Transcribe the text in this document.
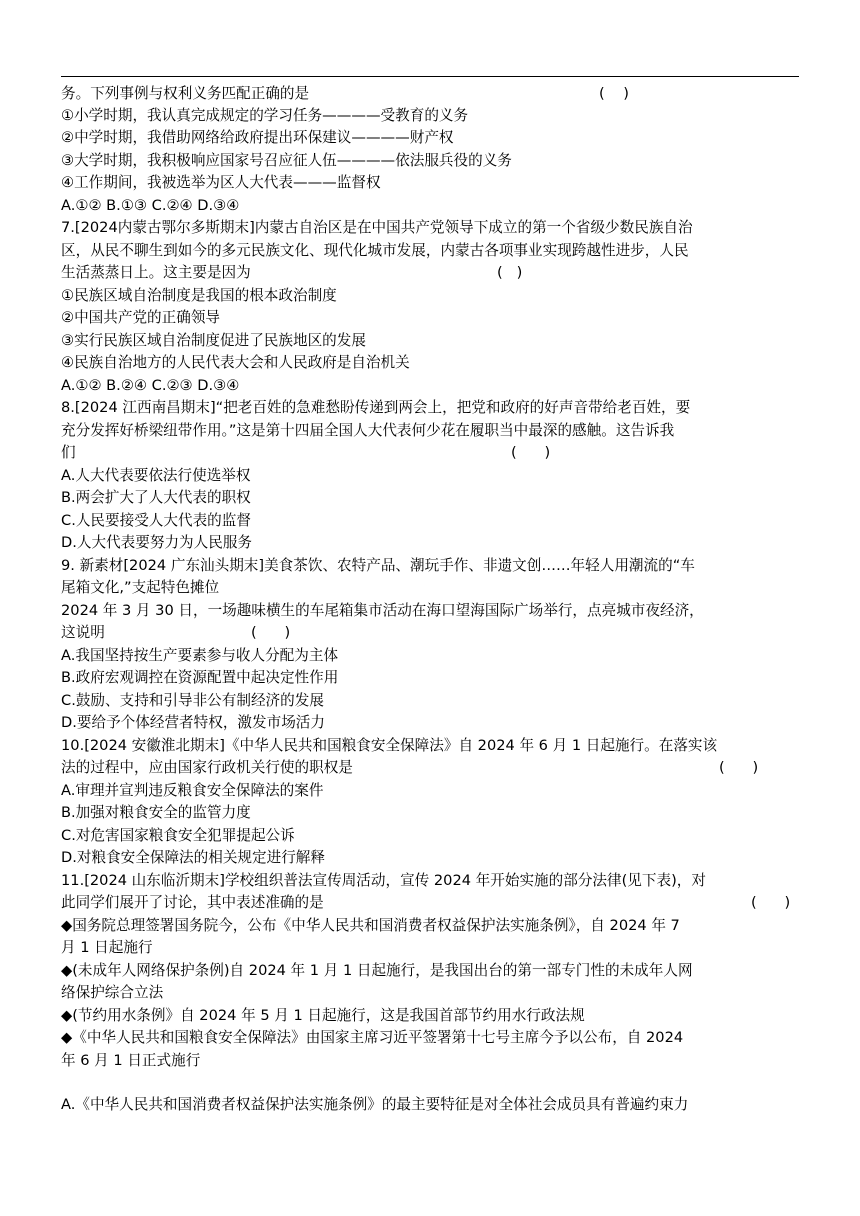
务。下列事例与权利义务匹配正确的是	(    )
①小学时期，我认真完成规定的学习任务————受教育的义务
②中学时期，我借助网络给政府提出环保建议————财产权
③大学时期，我积极响应国家号召应征人伍————依法服兵役的义务
④工作期间，我被选举为区人大代表———监督权
A.①② B.①③ C.②④ D.③④
7.[2024内蒙古鄂尔多斯期末]内蒙古自治区是在中国共产党领导下成立的第一个省级少数民族自治
区，从民不聊生到如今的多元民族文化、现代化城市发展，内蒙古各项事业实现跨越性进步，人民
生活蒸蒸日上。这主要是因为	(   )
①民族区域自治制度是我国的根本政治制度
②中国共产党的正确领导
③实行民族区域自治制度促进了民族地区的发展
④民族自治地方的人民代表大会和人民政府是自治机关
A.①② B.②④ C.②③ D.③④
8.[2024 江西南昌期末]“把老百姓的急难愁盼传递到两会上，把党和政府的好声音带给老百姓，要
充分发挥好桥梁纽带作用。”这是第十四届全国人大代表何少花在履职当中最深的感触。这告诉我
们	(      )
A.人大代表要依法行使选举权
B.两会扩大了人大代表的职权
C.人民要接受人大代表的监督
D.人大代表要努力为人民服务
9. 新素材[2024 广东汕头期末]美食茶饮、农特产品、潮玩手作、非遗文创……年轻人用潮流的“车
尾箱文化,”支起特色摊位
2024 年 3 月 30 日，一场趣味横生的车尾箱集市活动在海口望海国际广场举行，点亮城市夜经济，
这说明	(      )
A.我国坚持按生产要素参与收人分配为主体
B.政府宏观调控在资源配置中起决定性作用
C.鼓励、支持和引导非公有制经济的发展
D.要给予个体经营者特权，激发市场活力
10.[2024 安徽淮北期末]《中华人民共和国粮食安全保障法》自 2024 年 6 月 1 日起施行。在落实该
法的过程中，应由国家行政机关行使的职权是	(      )
A.审理并宣判违反粮食安全保障法的案件
B.加强对粮食安全的监管力度
C.对危害国家粮食安全犯罪提起公诉
D.对粮食安全保障法的相关规定进行解释
11.[2024 山东临沂期末]学校组织普法宣传周活动，宣传 2024 年开始实施的部分法律(见下表)，对
此同学们展开了讨论，其中表述准确的是	(      )
◆国务院总理签署国务院今，公布《中华人民共和国消费者权益保护法实施条例》，自 2024 年 7
月 1 日起施行
◆(未成年人网络保护条例)自 2024 年 1 月 1 日起施行，是我国出台的第一部专门性的未成年人网
络保护综合立法
◆(节约用水条例》自 2024 年 5 月 1 日起施行，这是我国首部节约用水行政法规
◆《中华人民共和国粮食安全保障法》由国家主席习近平签署第十七号主席今予以公布，自 2024
年 6 月 1 日正式施行
A.《中华人民共和国消费者权益保护法实施条例》的最主要特征是对全体社会成员具有普遍约束力
